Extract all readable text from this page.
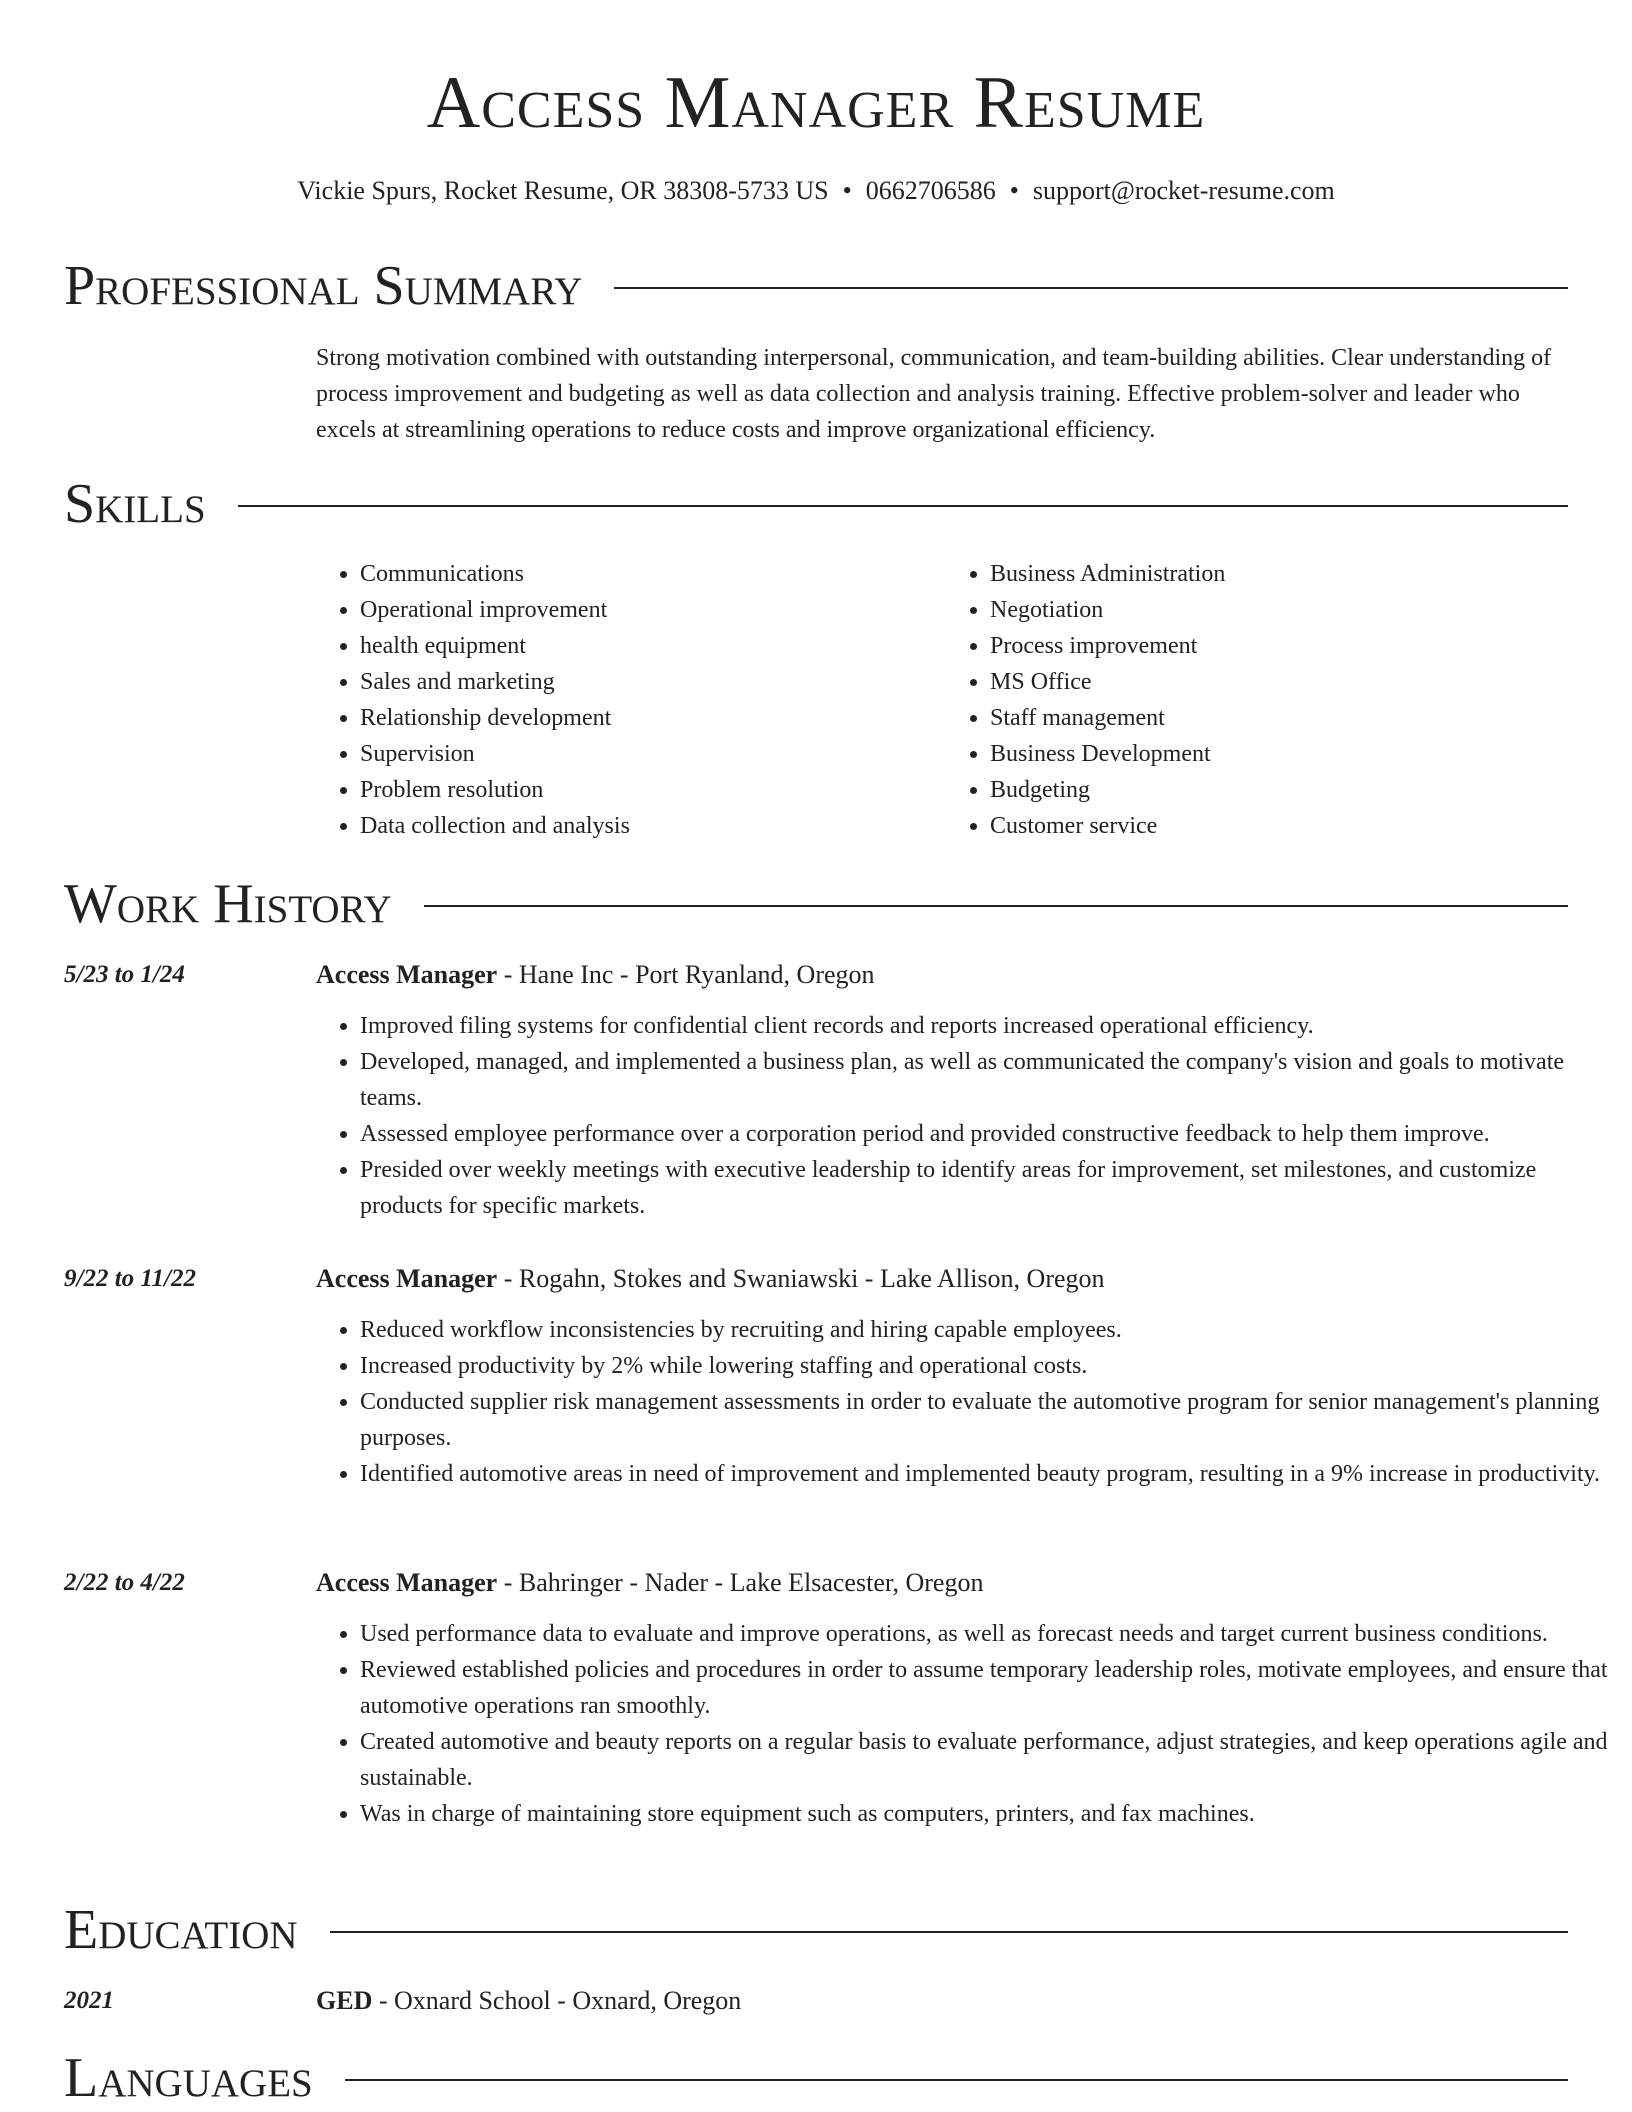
Access Manager Resume
Vickie Spurs, Rocket Resume, OR 38308-5733 US • 0662706586 • support@rocket-resume.com
Professional Summary

Strong motivation combined with outstanding interpersonal, communication, and team-building abilities. Clear understanding of process improvement and budgeting as well as data collection and analysis training. Effective problem-solver and leader who excels at streamlining operations to reduce costs and improve organizational efficiency.

Skills
• Communications
• Operational improvement
• health equipment
• Sales and marketing
• Relationship development
• Supervision
• Problem resolution
• Data collection and analysis
• Business Administration
• Negotiation
• Process improvement
• MS Office
• Staff management
• Business Development
• Budgeting
• Customer service
Work History
5/23 to 1/24	Access Manager - Hane Inc - Port Ryanland, Oregon
• Improved filing systems for confidential client records and reports increased operational efficiency.
• Developed, managed, and implemented a business plan, as well as communicated the company's vision and goals to motivate teams.
• Assessed employee performance over a corporation period and provided constructive feedback to help them improve.
• Presided over weekly meetings with executive leadership to identify areas for improvement, set milestones, and customize products for specific markets.
9/22 to 11/22	Access Manager - Rogahn, Stokes and Swaniawski - Lake Allison, Oregon
• Reduced workflow inconsistencies by recruiting and hiring capable employees.
• Increased productivity by 2% while lowering staffing and operational costs.
• Conducted supplier risk management assessments in order to evaluate the automotive program for senior management's planning purposes.
• Identified automotive areas in need of improvement and implemented beauty program, resulting in a 9% increase in productivity.
2/22 to 4/22	Access Manager - Bahringer - Nader - Lake Elsacester, Oregon
• Used performance data to evaluate and improve operations, as well as forecast needs and target current business conditions.
• Reviewed established policies and procedures in order to assume temporary leadership roles, motivate employees, and ensure that automotive operations ran smoothly.
• Created automotive and beauty reports on a regular basis to evaluate performance, adjust strategies, and keep operations agile and sustainable.
• Was in charge of maintaining store equipment such as computers, printers, and fax machines.
Education
2021	GED - Oxnard School - Oxnard, Oregon
Languages
